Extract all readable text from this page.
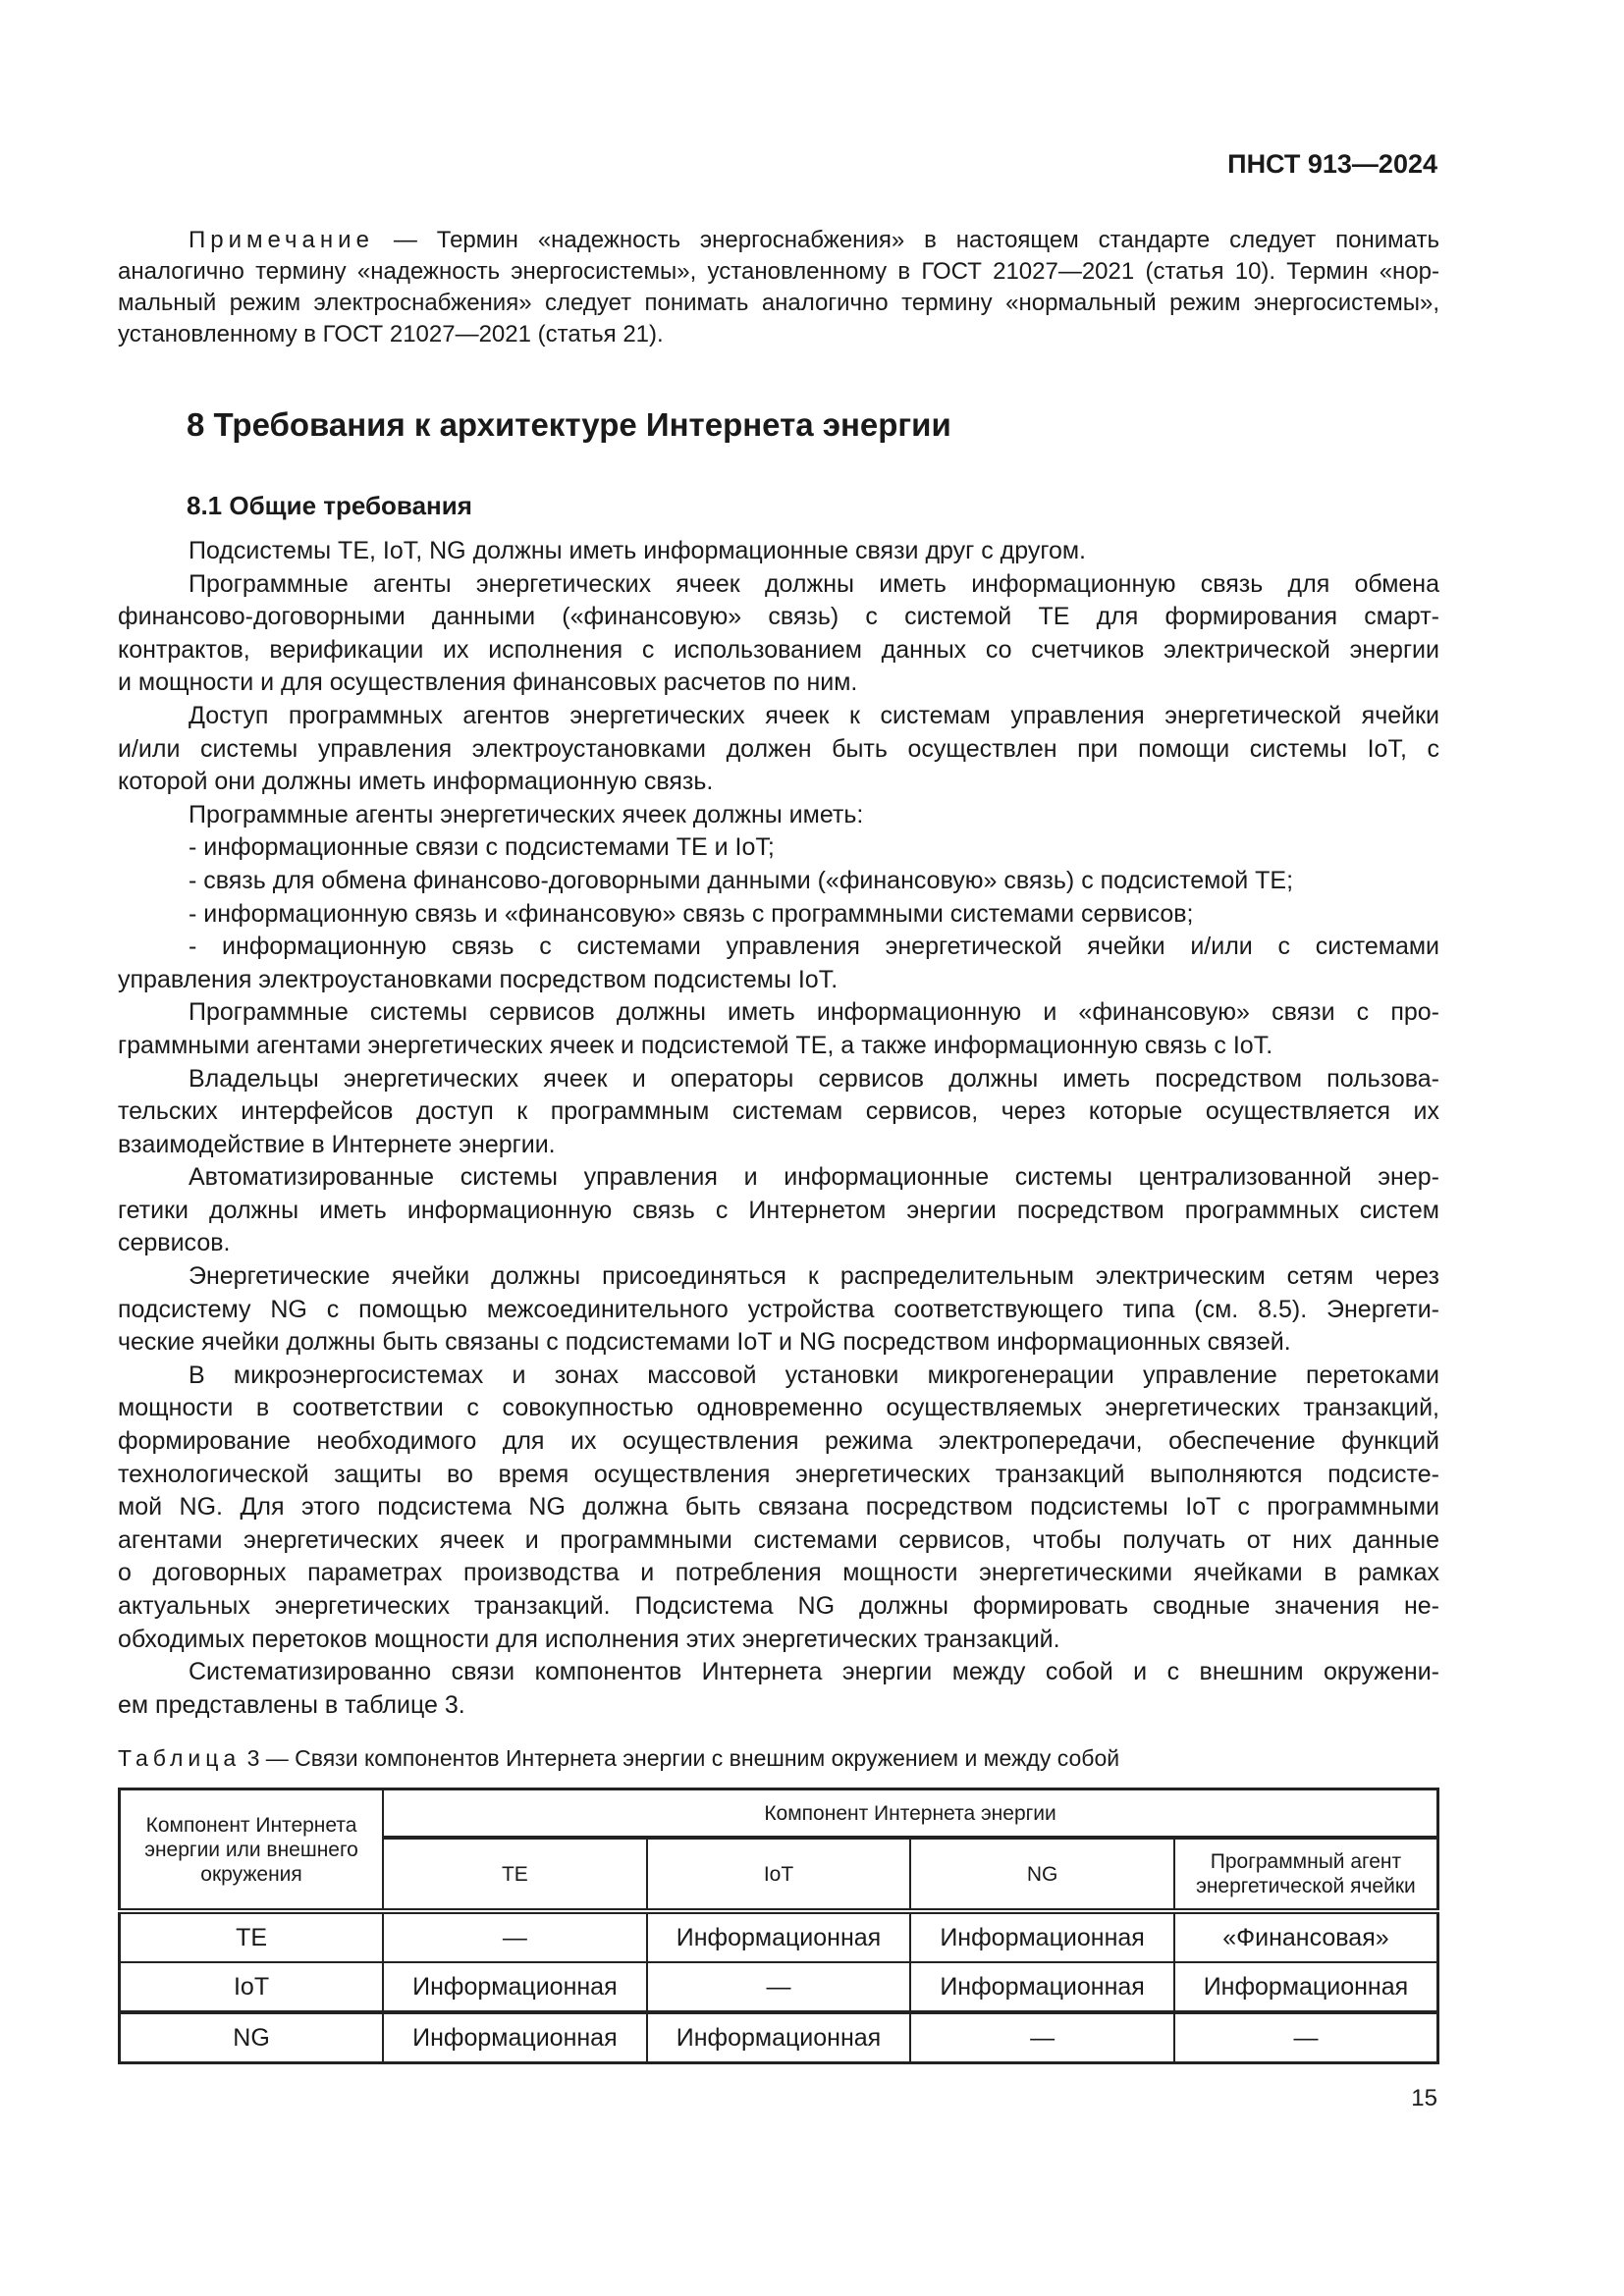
ПНСТ 913—2024
Примечание — Термин «надежность энергоснабжения» в настоящем стандарте следует понимать
аналогично термину «надежность энергосистемы», установленному в ГОСТ 21027—2021 (статья 10). Термин «нор-
мальный режим электроснабжения» следует понимать аналогично термину «нормальный режим энергосистемы»,
установленному в ГОСТ 21027—2021 (статья 21).
8 Требования к архитектуре Интернета энергии
8.1 Общие требования
Подсистемы ТЕ, IoT, NG должны иметь информационные связи друг с другом.
Программные агенты энергетических ячеек должны иметь информационную связь для обмена
финансово-договорными данными («финансовую» связь) с системой ТЕ для формирования смарт-
контрактов, верификации их исполнения с использованием данных со счетчиков электрической энергии
и мощности и для осуществления финансовых расчетов по ним.
Доступ программных агентов энергетических ячеек к системам управления энергетической ячейки
и/или системы управления электроустановками должен быть осуществлен при помощи системы IoT, с
которой они должны иметь информационную связь.
Программные агенты энергетических ячеек должны иметь:
- информационные связи с подсистемами ТЕ и IoT;
- связь для обмена финансово-договорными данными («финансовую» связь) с подсистемой ТЕ;
- информационную связь и «финансовую» связь с программными системами сервисов;
- информационную связь с системами управления энергетической ячейки и/или с системами
управления электроустановками посредством подсистемы IoT.
Программные системы сервисов должны иметь информационную и «финансовую» связи с про-
граммными агентами энергетических ячеек и подсистемой ТЕ, а также информационную связь с IoT.
Владельцы энергетических ячеек и операторы сервисов должны иметь посредством пользова-
тельских интерфейсов доступ к программным системам сервисов, через которые осуществляется их
взаимодействие в Интернете энергии.
Автоматизированные системы управления и информационные системы централизованной энер-
гетики должны иметь информационную связь с Интернетом энергии посредством программных систем
сервисов.
Энергетические ячейки должны присоединяться к распределительным электрическим сетям через
подсистему NG с помощью межсоединительного устройства соответствующего типа (см. 8.5). Энергети-
ческие ячейки должны быть связаны с подсистемами IoT и NG посредством информационных связей.
В микроэнергосистемах и зонах массовой установки микрогенерации управление перетоками
мощности в соответствии с совокупностью одновременно осуществляемых энергетических транзакций,
формирование необходимого для их осуществления режима электропередачи, обеспечение функций
технологической защиты во время осуществления энергетических транзакций выполняются подсисте-
мой NG. Для этого подсистема NG должна быть связана посредством подсистемы IoT с программными
агентами энергетических ячеек и программными системами сервисов, чтобы получать от них данные
о договорных параметрах производства и потребления мощности энергетическими ячейками в рамках
актуальных энергетических транзакций. Подсистема NG должны формировать сводные значения не-
обходимых перетоков мощности для исполнения этих энергетических транзакций.
Систематизированно связи компонентов Интернета энергии между собой и с внешним окружени-
ем представлены в таблице 3.
Таблица 3 — Связи компонентов Интернета энергии с внешним окружением и между собой
Компонент Интернета энергии или внешнего окружения	Компонент Интернета энергии			
	ТЕ	IoT	NG	Программный агент энергетической ячейки
ТЕ	—	Информационная	Информационная	«Финансовая»
IoT	Информационная	—	Информационная	Информационная
NG	Информационная	Информационная	—	—
15
